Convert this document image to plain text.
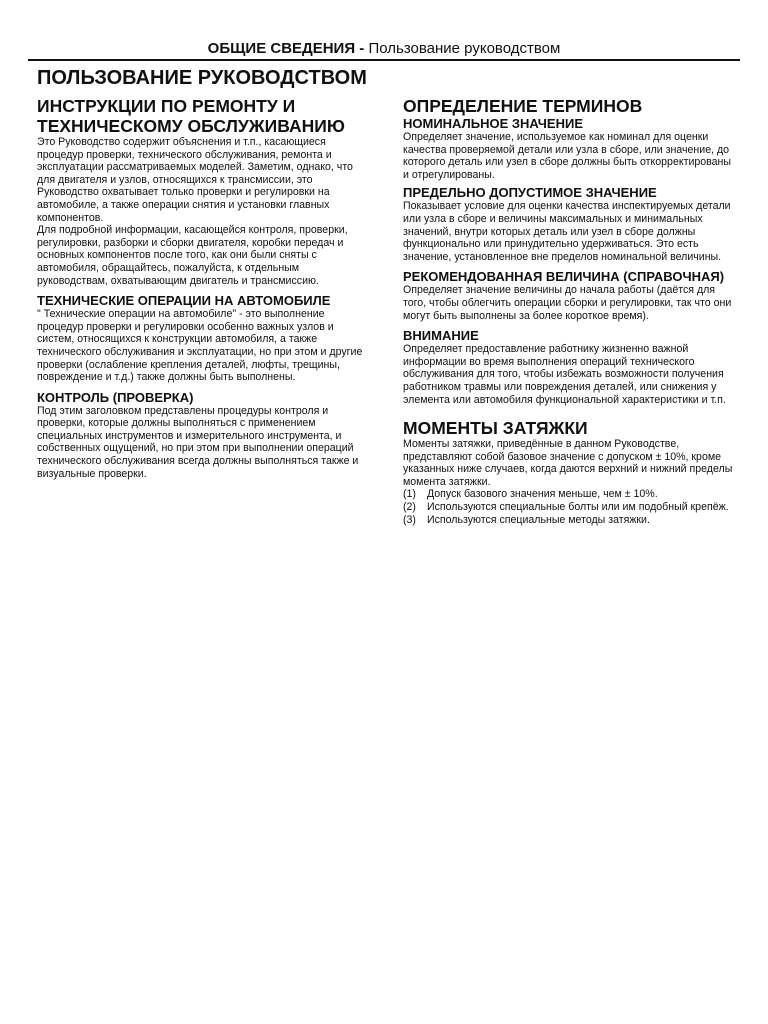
ОБЩИЕ СВЕДЕНИЯ - Пользование руководством
ПОЛЬЗОВАНИЕ РУКОВОДСТВОМ
ИНСТРУКЦИИ ПО РЕМОНТУ И ТЕХНИЧЕСКОМУ ОБСЛУЖИВАНИЮ

Это Руководство содержит объяснения и т.п., касающиеся процедур проверки, технического обслуживания, ремонта и эксплуатации рассматриваемых моделей. Заметим, однако, что для двигателя и узлов, относящихся к трансмиссии, это Руководство охватывает только проверки и регулировки на автомобиле, а также операции снятия и установки главных компонентов.

Для подробной информации, касающейся контроля, проверки, регулировки, разборки и сборки двигателя, коробки передач и основных компонентов после того, как они были сняты с автомобиля, обращайтесь, пожалуйста, к отдельным руководствам, охватывающим двигатель и трансмиссию.

ТЕХНИЧЕСКИЕ ОПЕРАЦИИ НА АВТОМОБИЛЕ

" Технические операции на автомобиле" - это выполнение процедур проверки и регулировки особенно важных узлов и систем, относящихся к конструкции автомобиля, а также технического обслуживания и эксплуатации, но при этом и другие проверки (ослабление крепления деталей, люфты, трещины, повреждение и т.д.) также должны быть выполнены.

КОНТРОЛЬ (ПРОВЕРКА)

Под этим заголовком представлены процедуры контроля и проверки, которые должны выполняться с применением специальных инструментов и измерительного инструмента, и собственных ощущений, но при этом при выполнении операций технического обслуживания всегда должны выполняться также и визуальные проверки.

ОПРЕДЕЛЕНИЕ ТЕРМИНОВ
НОМИНАЛЬНОЕ ЗНАЧЕНИЕ

Определяет значение, используемое как номинал для оценки качества проверяемой детали или узла в сборе, или значение, до которого деталь или узел в сборе должны быть откорректированы и отрегулированы.

ПРЕДЕЛЬНО ДОПУСТИМОЕ ЗНАЧЕНИЕ

Показывает условие для оценки качества инспектируемых детали или узла в сборе и величины максимальных и минимальных значений, внутри которых деталь или узел в сборе должны функционально или принудительно удерживаться. Это есть значение, установленное вне пределов номинальной величины.

РЕКОМЕНДОВАННАЯ ВЕЛИЧИНА (СПРАВОЧНАЯ)

Определяет значение величины до начала работы (даётся для того, чтобы облегчить операции сборки и регулировки, так что они могут быть выполнены за более короткое время).

ВНИМАНИЕ

Определяет предоставление работнику жизненно важной информации во время выполнения операций технического обслуживания для того, чтобы избежать возможности получения работником травмы или повреждения деталей, или снижения у элемента или автомобиля функциональной характеристики и т.п.

МОМЕНТЫ ЗАТЯЖКИ

Моменты затяжки, приведённые в данном Руководстве, представляют собой базовое значение с допуском ± 10%, кроме указанных ниже случаев, когда даются верхний и нижний пределы момента затяжки.

(1)	Допуск базового значения меньше, чем ± 10%.
(2)	Используются специальные болты или им подобный крепёж.
(3)	Используются специальные методы затяжки.
